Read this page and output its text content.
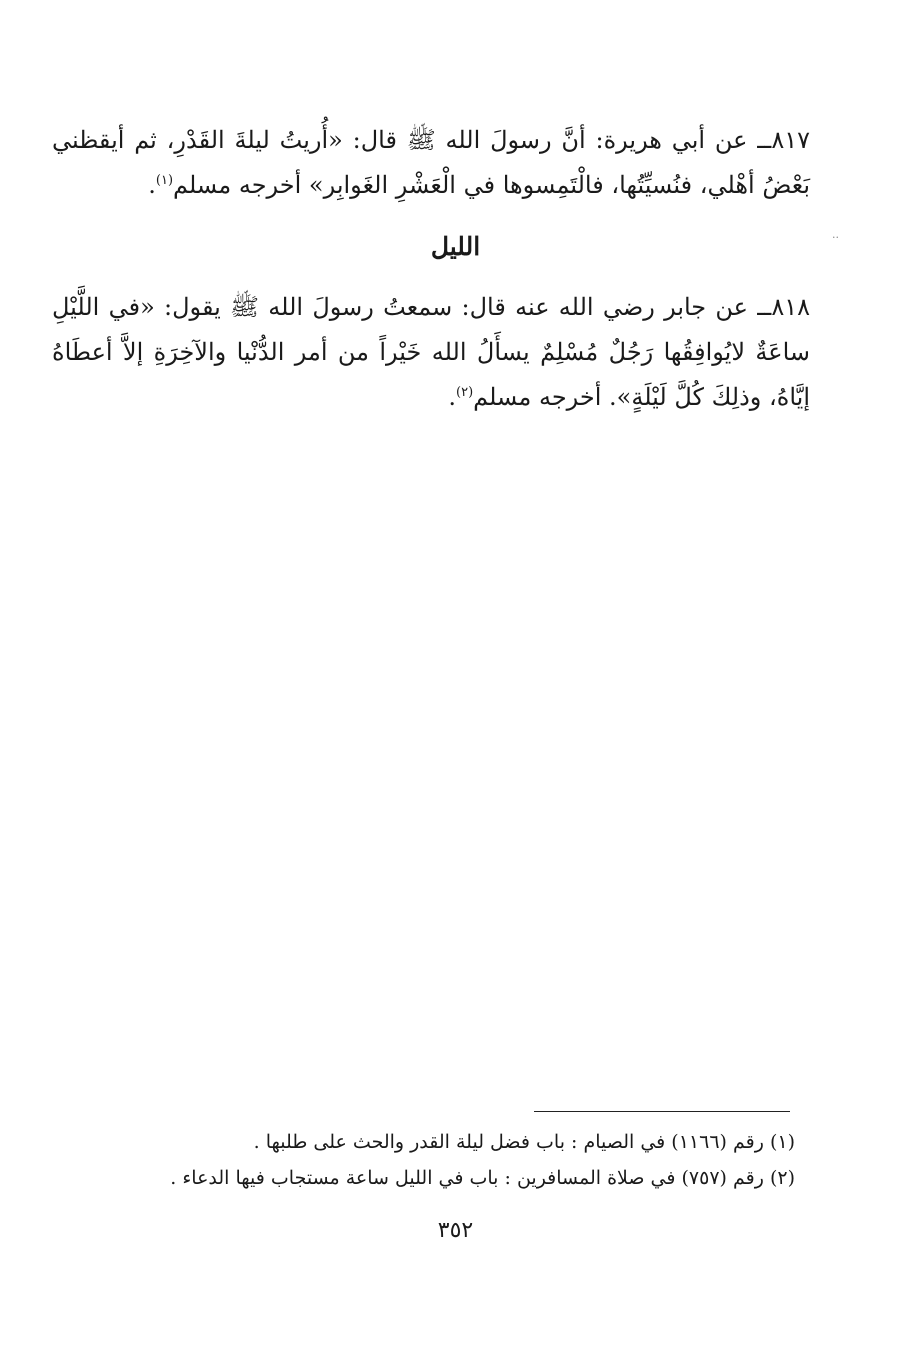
٨١٧ــ عن أبي هريرة: أنَّ رسولَ الله ﷺ قال: «أُريتُ ليلةَ القَدْرِ، ثم أيقظني بَعْضُ أهْلي، فنُسيِّتُها، فالْتَمِسوها في الْعَشْرِ الغَوابِر» أخرجه مسلم$^{(١)}$.

..
الليل

٨١٨ــ عن جابر رضي الله عنه قال: سمعتُ رسولَ الله ﷺ يقول: «في اللَّيْلِ ساعَةٌ لايُوافِقُها رَجُلٌ مُسْلِمٌ يسأَلُ الله خَيْراً من أمر الدُّنْيا والآخِرَةِ إلاَّ أعطَاهُ إيَّاهُ، وذلِكَ كُلَّ لَيْلَةٍ». أخرجه مسلم$^{(٢)}$.

(١) رقم (١١٦٦) في الصيام : باب فضل ليلة القدر والحث على طلبها .
(٢) رقم (٧٥٧) في صلاة المسافرين : باب في الليل ساعة مستجاب فيها الدعاء .
٣٥٢
